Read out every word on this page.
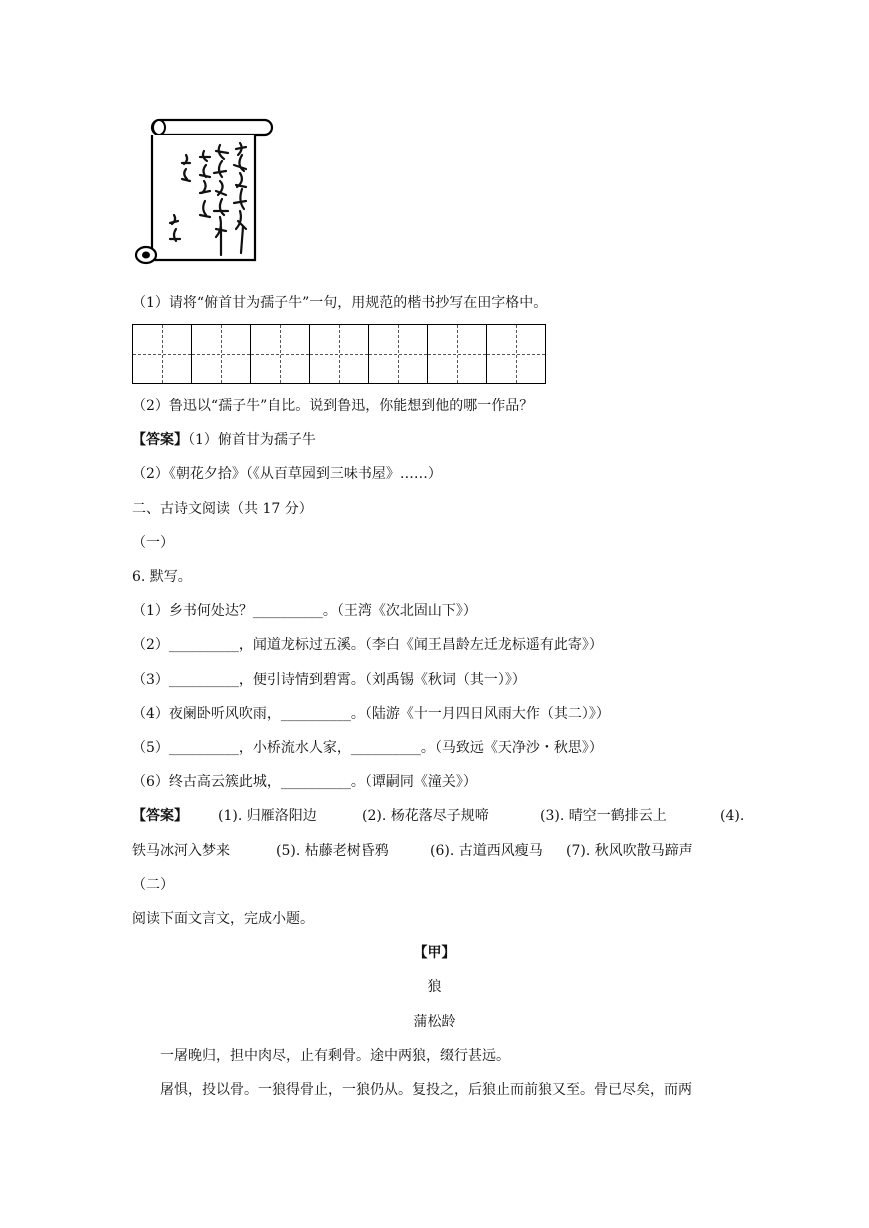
（1）请将“俯首甘为孺子牛”一句，用规范的楷书抄写在田字格中。
（2）鲁迅以“孺子牛”自比。说到鲁迅，你能想到他的哪一作品？
【答案】（1）俯首甘为孺子牛
（2）《朝花夕拾》（《从百草园到三味书屋》……）
二、古诗文阅读（共 17 分）
（一）
6. 默写。
（1）乡书何处达？__________。（王湾《次北固山下》）
（2）__________，闻道龙标过五溪。（李白《闻王昌龄左迁龙标遥有此寄》）
（3）__________，便引诗情到碧霄。（刘禹锡《秋词（其一）》）
（4）夜阑卧听风吹雨，__________。（陆游《十一月四日风雨大作（其二）》）
（5）__________，小桥流水人家，__________。（马致远《天净沙・秋思》）
（6）终古高云簇此城，__________。（谭嗣同《潼关》）
【答案】 (1). 归雁洛阳边	(2). 杨花落尽子规啼	(3). 晴空一鹤排云上	(4).
铁马冰河入梦来	(5). 枯藤老树昏鸦	(6). 古道西风瘦马 (7). 秋风吹散马蹄声
（二）
阅读下面文言文，完成小题。
【甲】
狼
蒲松龄
一屠晚归，担中肉尽，止有剩骨。途中两狼，缀行甚远。
屠惧，投以骨。一狼得骨止，一狼仍从。复投之，后狼止而前狼又至。骨已尽矣，而两
